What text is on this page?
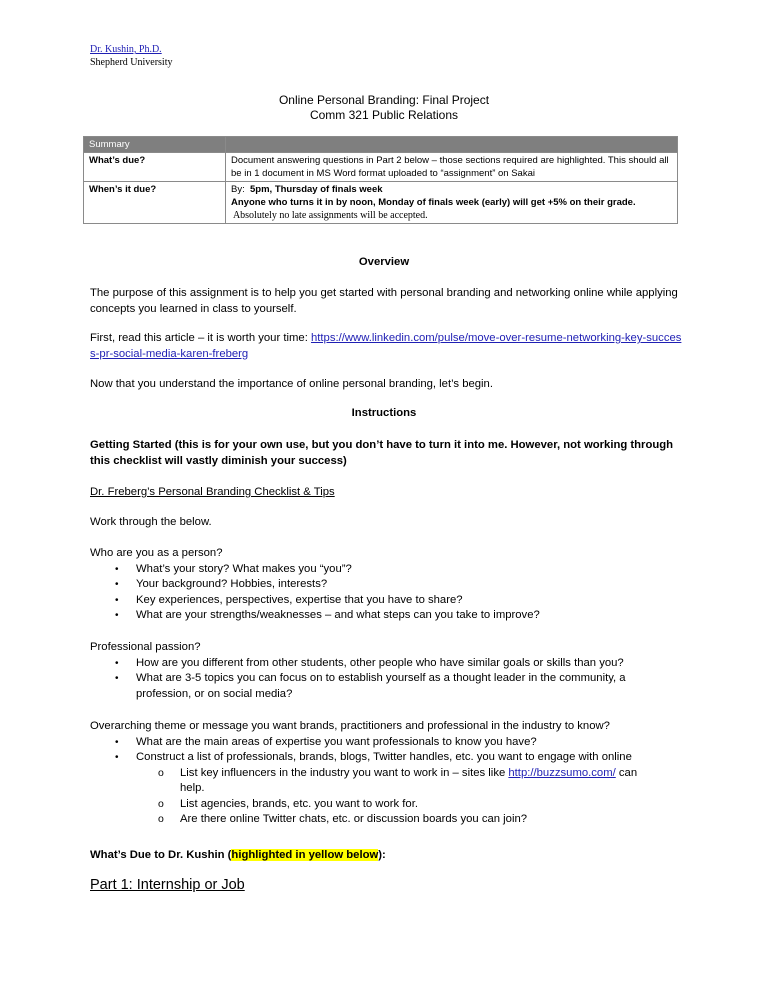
Dr. Kushin, Ph.D.
Shepherd University
Online Personal Branding: Final Project
Comm 321 Public Relations
Summary	
What’s due?	Document answering questions in Part 2 below – those sections required are highlighted. This should all be in 1 document in MS Word format uploaded to “assignment” on Sakai
When’s it due?	By:  5pm, Thursday of finals week
Anyone who turns it in by noon, Monday of finals week (early) will get +5% on their grade.
Absolutely no late assignments will be accepted.
Overview
The purpose of this assignment is to help you get started with personal branding and networking online while applying concepts you learned in class to yourself.
First, read this article – it is worth your time: https://www.linkedin.com/pulse/move-over-resume-networking-key-success-pr-social-media-karen-freberg
Now that you understand the importance of online personal branding, let’s begin.
Instructions
Getting Started (this is for your own use, but you don’t have to turn it into me. However, not working through this checklist will vastly diminish your success)
Dr. Freberg’s Personal Branding Checklist & Tips
Work through the below.
Who are you as a person?
• What’s your story? What makes you “you”?
• Your background? Hobbies, interests?
• Key experiences, perspectives, expertise that you have to share?
• What are your strengths/weaknesses – and what steps can you take to improve?
Professional passion?
• How are you different from other students, other people who have similar goals or skills than you?
• What are 3-5 topics you can focus on to establish yourself as a thought leader in the community, a profession, or on social media?
Overarching theme or message you want brands, practitioners and professional in the industry to know?
• What are the main areas of expertise you want professionals to know you have?
• Construct a list of professionals, brands, blogs, Twitter handles, etc. you want to engage with online
o List key influencers in the industry you want to work in – sites like http://buzzsumo.com/ can help.
o List agencies, brands, etc. you want to work for.
o Are there online Twitter chats, etc. or discussion boards you can join?
What’s Due to Dr. Kushin (highlighted in yellow below):
Part 1: Internship or Job
